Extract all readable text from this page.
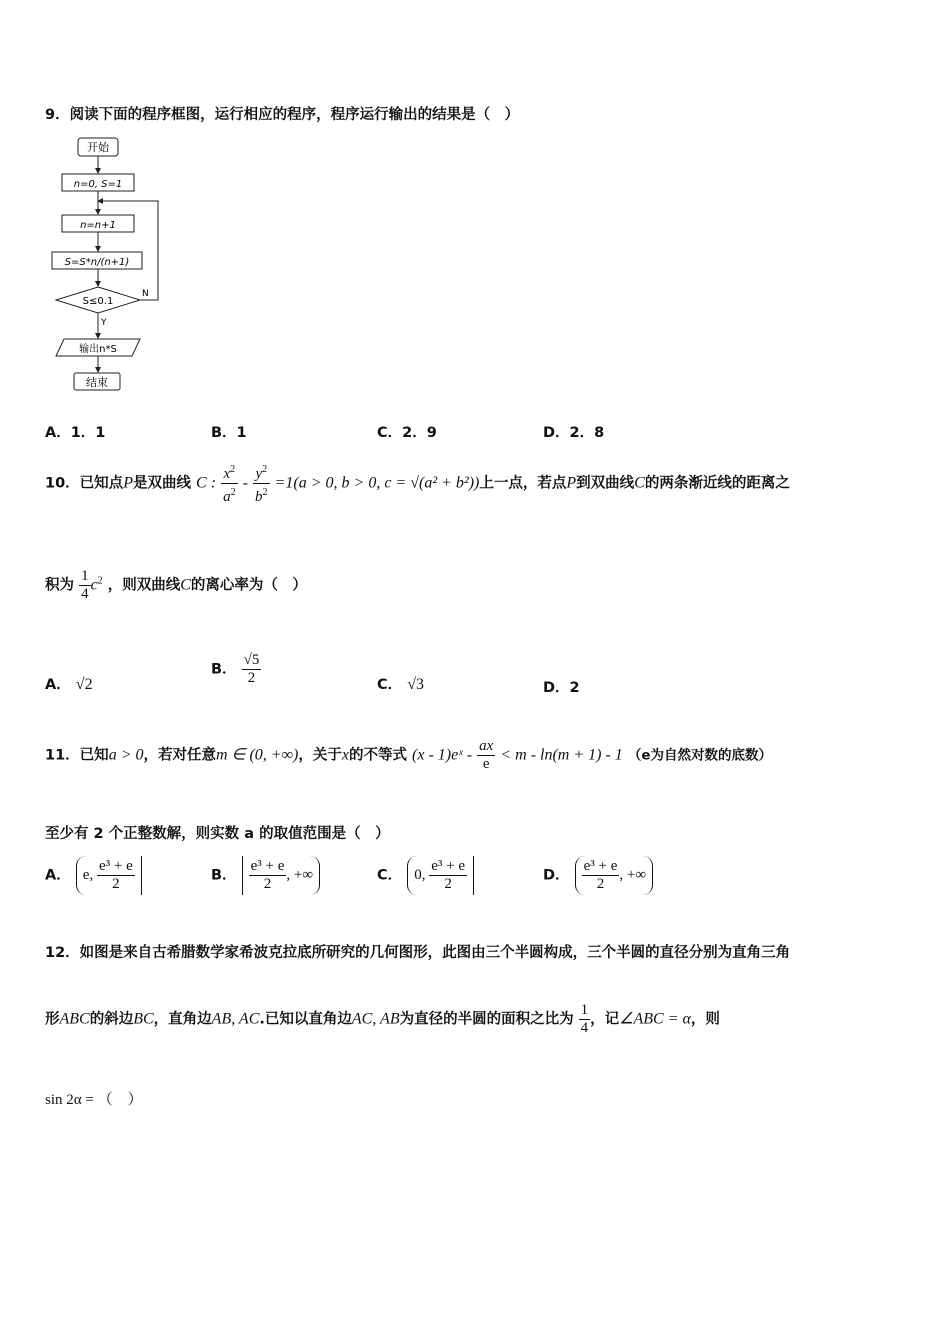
9．阅读下面的程序框图，运行相应的程序，程序运行输出的结果是（　）
开始
n=0, S=1
n=n+1
S=S*n/(n+1)
S≤0.1
N
Y
输出n*S
结束
A．1．1	B．1	C．2．9	D．2．8
10．已知点P是双曲线 C : $\frac{x^2}{a^2} - \frac{y^2}{b^2} =1(a > 0$, b > 0, c = √(a² + b²))上一点，若点P到双曲线C的两条渐近线的距离之
积为 $\frac{1}{4} c^2$ ，则双曲线C的离心率为（　）
A． √2
B． $\frac{√5}{2}$	C． √3	D．2
11．已知a > 0，若对任意m ∈ (0, +∞)，关于x的不等式 (x - 1)eˣ - $\frac{ax}{e} < m - \ln(m + 1) - 1$ （e为自然对数的底数）
至少有 2 个正整数解，则实数 a 的取值范围是（　）
A． e, $\frac{\text{e³ + e}}{2}$	B． $\frac{\text{e³ + e}}{2}$ , +∞	C． 0, $\frac{\text{e³ + e}}{2}$	D． $\frac{\text{e³ + e}}{2}$ , +∞
12．如图是来自古希腊数学家希波克拉底所研究的几何图形，此图由三个半圆构成，三个半圆的直径分别为直角三角
形ABC的斜边BC，直角边AB, AC.已知以直角边AC, AB为直径的半圆的面积之比为 $\frac{1}{4}$ ，记∠ABC = α，则
sin 2α = （　）
